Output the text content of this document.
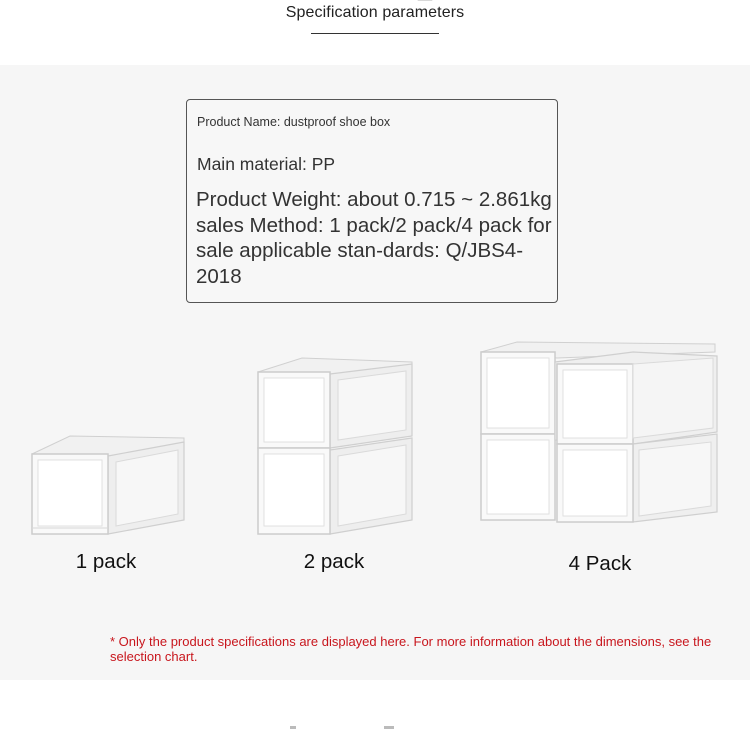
Specification parameters
Product Name: dustproof shoe box
Main material: PP
Product Weight: about 0.715 ~ 2.861kg sales Method: 1 pack/2 pack/4 pack for sale applicable stan-dards: Q/JBS4-2018
1 pack	2 pack	4 Pack
* Only the product specifications are displayed here. For more information about the dimensions, see the selection chart.
